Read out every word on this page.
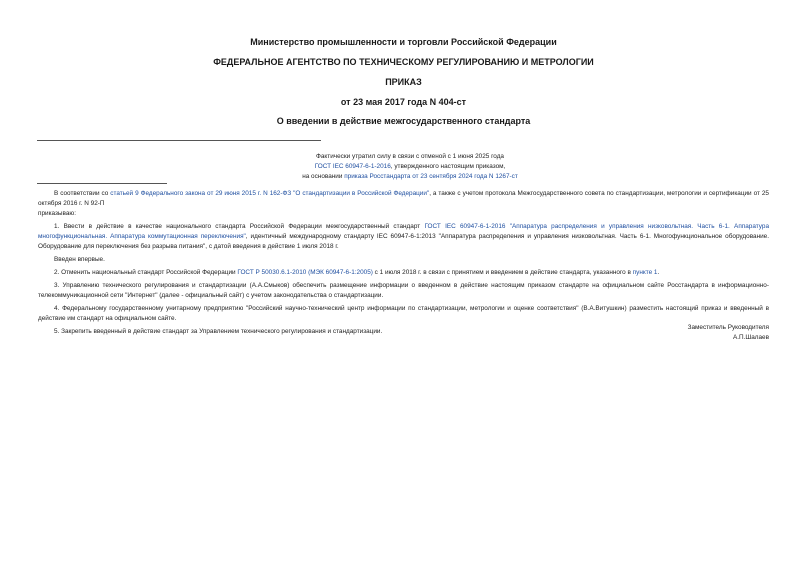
Министерство промышленности и торговли Российской Федерации
ФЕДЕРАЛЬНОЕ АГЕНТСТВО ПО ТЕХНИЧЕСКОМУ РЕГУЛИРОВАНИЮ И МЕТРОЛОГИИ
ПРИКАЗ
от 23 мая 2017 года N 404-ст
О введении в действие межгосударственного стандарта
Фактически утратил силу в связи с отменой с 1 июня 2025 года
ГОСТ IEC 60947-6-1-2016, утвержденного настоящим приказом,
на основании приказа Росстандарта от 23 сентября 2024 года N 1267-ст

В соответствии со статьей 9 Федерального закона от 29 июня 2015 г. N 162-ФЗ "О стандартизации в Российской Федерации", а также с учетом протокола Межгосударственного совета по стандартизации, метрологии и сертификации от 25 октября 2016 г. N 92-П

приказываю:

1. Ввести в действие в качестве национального стандарта Российской Федерации межгосударственный стандарт ГОСТ IEC 60947-6-1-2016 "Аппаратура распределения и управления низковольтная. Часть 6-1. Аппаратура многофункциональная. Аппаратура коммутационная переключения", идентичный международному стандарту IEC 60947-6-1:2013 "Аппаратура распределения и управления низковольтная. Часть 6-1. Многофункциональное оборудование. Оборудование для переключения без разрыва питания", с датой введения в действие 1 июля 2018 г.

Введен впервые.

2. Отменить национальный стандарт Российской Федерации ГОСТ Р 50030.6.1-2010 (МЭК 60947-6-1:2005) с 1 июля 2018 г. в связи с принятием и введением в действие стандарта, указанного в пункте 1.

3. Управлению технического регулирования и стандартизации (А.А.Смыков) обеспечить размещение информации о введенном в действие настоящим приказом стандарте на официальном сайте Росстандарта в информационно-телекоммуникационной сети "Интернет" (далее - официальный сайт) с учетом законодательства о стандартизации.

4. Федеральному государственному унитарному предприятию "Российский научно-технический центр информации по стандартизации, метрологии и оценке соответствия" (В.А.Витушкин) разместить настоящий приказ и введенный в действие им стандарт на официальном сайте.

5. Закрепить введенный в действие стандарт за Управлением технического регулирования и стандартизации.

Заместитель Руководителя
А.П.Шалаев
